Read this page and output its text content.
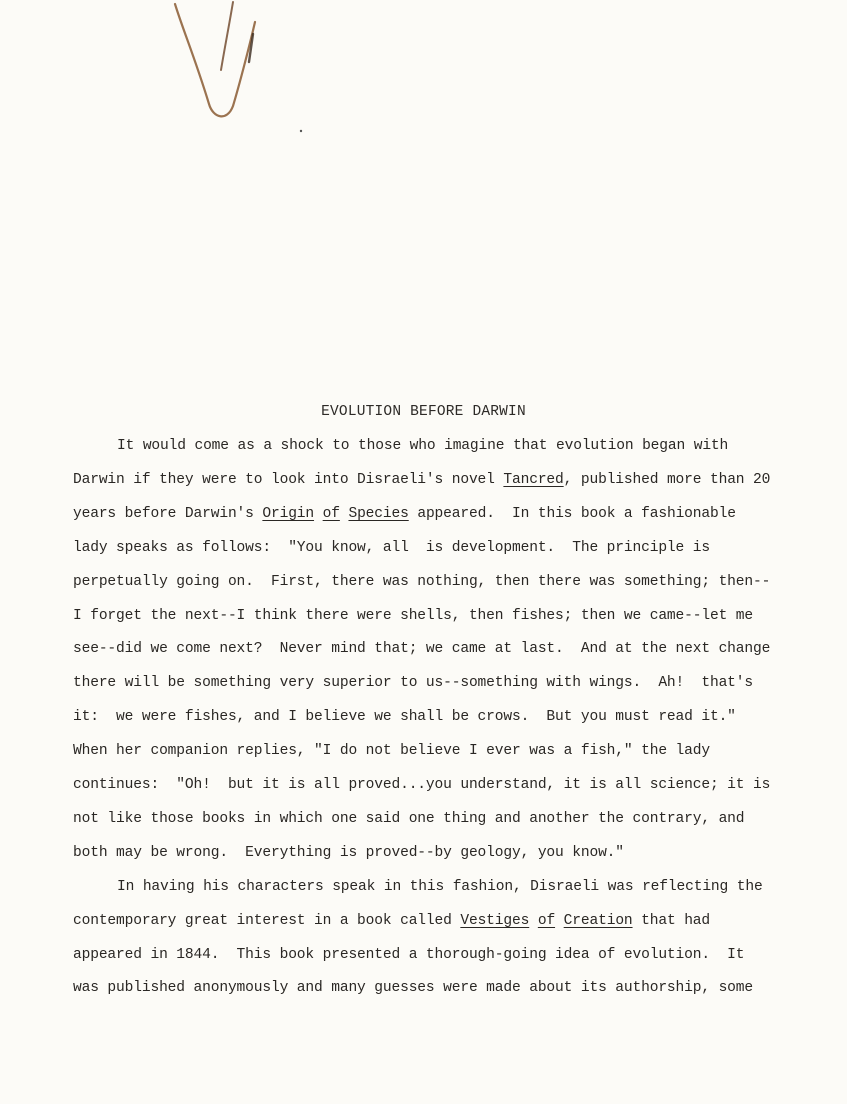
EVOLUTION BEFORE DARWIN
It would come as a shock to those who imagine that evolution began with
Darwin if they were to look into Disraeli's novel Tancred, published more than 20
years before Darwin's Origin of Species appeared.  In this book a fashionable
lady speaks as follows:  "You know, all  is development.  The principle is
perpetually going on.  First, there was nothing, then there was something; then--
I forget the next--I think there were shells, then fishes; then we came--let me
see--did we come next?  Never mind that; we came at last.  And at the next change
there will be something very superior to us--something with wings.  Ah!  that's
it:  we were fishes, and I believe we shall be crows.  But you must read it."
When her companion replies, "I do not believe I ever was a fish," the lady
continues:  "Oh!  but it is all proved...you understand, it is all science; it is
not like those books in which one said one thing and another the contrary, and
both may be wrong.  Everything is proved--by geology, you know."
In having his characters speak in this fashion, Disraeli was reflecting the
contemporary great interest in a book called Vestiges of Creation that had
appeared in 1844.  This book presented a thorough-going idea of evolution.  It
was published anonymously and many guesses were made about its authorship, some
